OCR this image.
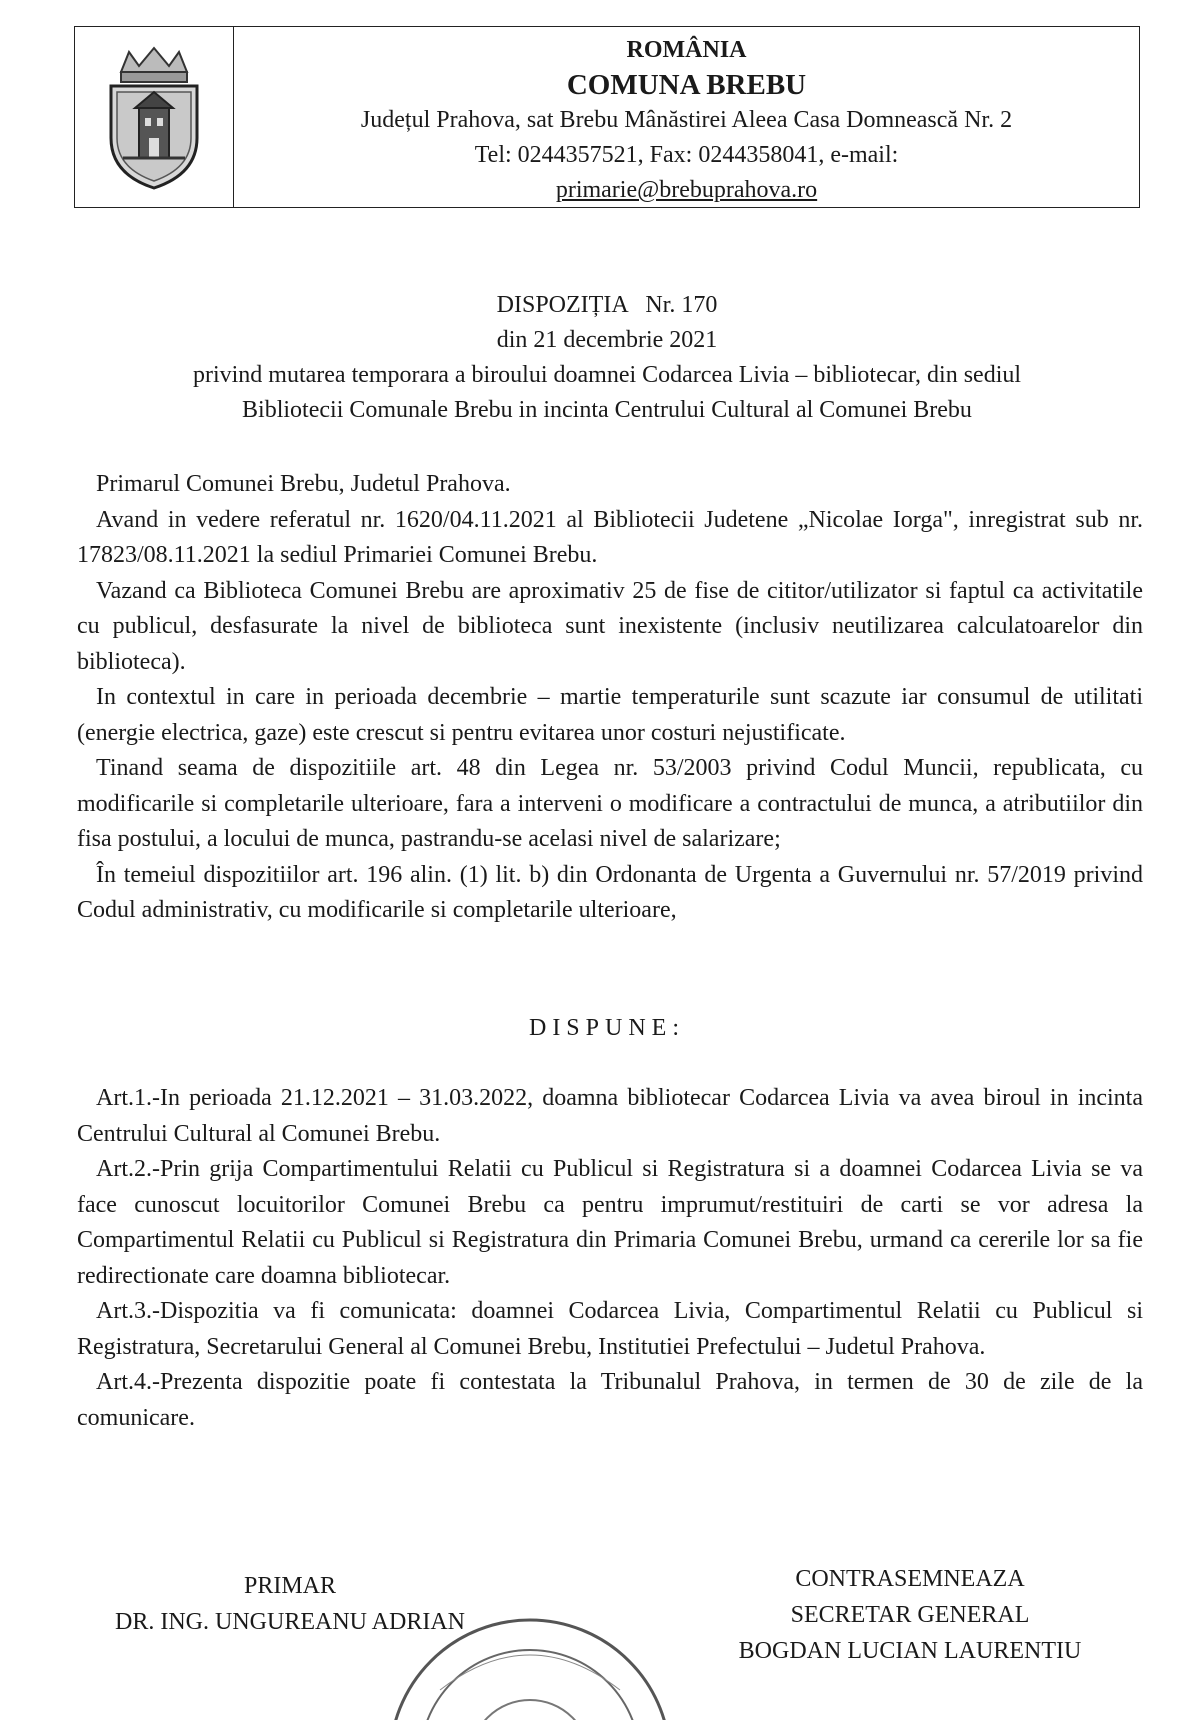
ROMÂNIA
COMUNA BREBU
Județul Prahova, sat Brebu Mânăstirei Aleea Casa Domnească Nr. 2
Tel: 0244357521, Fax: 0244358041, e-mail:
primarie@brebuprahova.ro
DISPOZIȚIA   Nr. 170
din 21 decembrie 2021
privind mutarea temporara a biroului doamnei Codarcea Livia – bibliotecar, din sediul
Bibliotecii Comunale Brebu in incinta Centrului Cultural al Comunei Brebu

Primarul Comunei Brebu, Judetul Prahova.

Avand in vedere referatul nr. 1620/04.11.2021 al Bibliotecii Judetene „Nicolae Iorga", inregistrat sub nr. 17823/08.11.2021 la sediul Primariei Comunei Brebu.

Vazand ca Biblioteca Comunei Brebu are aproximativ 25 de fise de cititor/utilizator si faptul ca activitatile cu publicul, desfasurate la nivel de biblioteca sunt inexistente (inclusiv neutilizarea calculatoarelor din biblioteca).

In contextul in care in perioada decembrie – martie temperaturile sunt scazute iar consumul de utilitati (energie electrica, gaze) este crescut si pentru evitarea unor costuri nejustificate.

Tinand seama de dispozitiile art. 48 din Legea nr. 53/2003 privind Codul Muncii, republicata, cu modificarile si completarile ulterioare, fara a interveni o modificare a contractului de munca, a atributiilor din fisa postului, a locului de munca, pastrandu-se acelasi nivel de salarizare;

În temeiul dispozitiilor art. 196 alin. (1) lit. b) din Ordonanta de Urgenta a Guvernului nr. 57/2019 privind Codul administrativ, cu modificarile si completarile ulterioare,

DISPUNE:

Art.1.-In perioada 21.12.2021 – 31.03.2022, doamna bibliotecar Codarcea Livia va avea biroul in incinta Centrului Cultural al Comunei Brebu.

Art.2.-Prin grija Compartimentului Relatii cu Publicul si Registratura si a doamnei Codarcea Livia se va face cunoscut locuitorilor Comunei Brebu ca pentru imprumut/restituiri de carti se vor adresa la Compartimentul Relatii cu Publicul si Registratura din Primaria Comunei Brebu, urmand ca cererile lor sa fie redirectionate care doamna bibliotecar.

Art.3.-Dispozitia va fi comunicata: doamnei Codarcea Livia, Compartimentul Relatii cu Publicul si Registratura, Secretarului General al Comunei Brebu, Institutiei Prefectului – Judetul Prahova.

Art.4.-Prezenta dispozitie poate fi contestata la Tribunalul Prahova, in termen de 30 de zile de la comunicare.

PRIMAR
DR. ING. UNGUREANU ADRIAN
CONTRASEMNEAZA
SECRETAR GENERAL
BOGDAN LUCIAN LAURENTIU
